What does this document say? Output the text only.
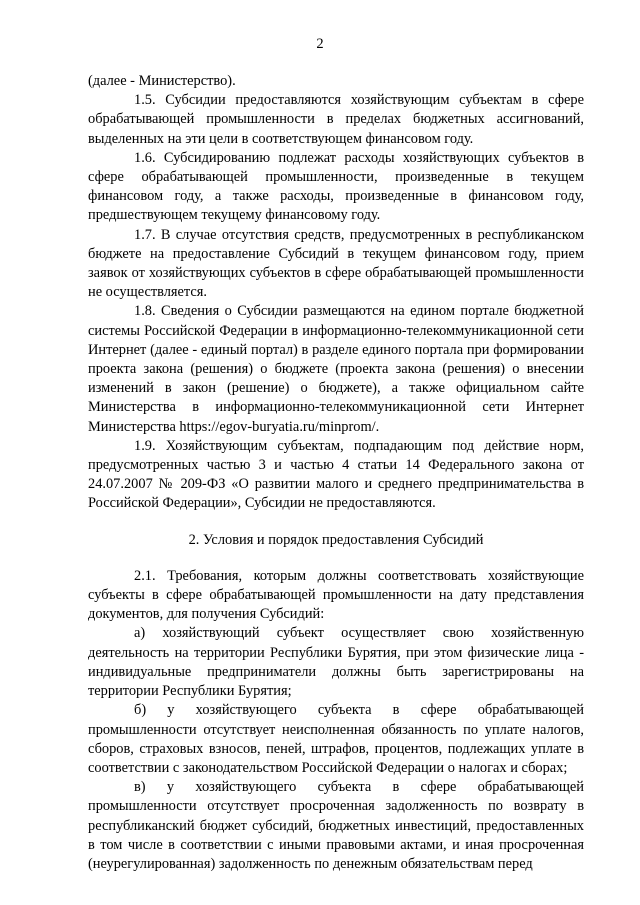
2

(далее - Министерство).

1.5. Субсидии предоставляются хозяйствующим субъектам в сфере обрабатывающей промышленности в пределах бюджетных ассигнований, выделенных на эти цели в соответствующем финансовом году.

1.6. Субсидированию подлежат расходы хозяйствующих субъектов в сфере обрабатывающей промышленности, произведенные в текущем финансовом году, а также расходы, произведенные в финансовом году, предшествующем текущему финансовому году.

1.7. В случае отсутствия средств, предусмотренных в республиканском бюджете на предоставление Субсидий в текущем финансовом году, прием заявок от хозяйствующих субъектов в сфере обрабатывающей промышленности не осуществляется.

1.8. Сведения о Субсидии размещаются на едином портале бюджетной системы Российской Федерации в информационно-телекоммуникационной сети Интернет (далее - единый портал) в разделе единого портала при формировании проекта закона (решения) о бюджете (проекта закона (решения) о внесении изменений в закон (решение) о бюджете), а также официальном сайте Министерства в информационно-телекоммуникационной сети Интернет Министерства https://egov-buryatia.ru/minprom/.

1.9. Хозяйствующим субъектам, подпадающим под действие норм, предусмотренных частью 3 и частью 4 статьи 14 Федерального закона от 24.07.2007 № 209-ФЗ «О развитии малого и среднего предпринимательства в Российской Федерации», Субсидии не предоставляются.

2. Условия и порядок предоставления Субсидий

2.1. Требования, которым должны соответствовать хозяйствующие субъекты в сфере обрабатывающей промышленности на дату представления документов, для получения Субсидий:

а) хозяйствующий субъект осуществляет свою хозяйственную деятельность на территории Республики Бурятия, при этом физические лица - индивидуальные предприниматели должны быть зарегистрированы на территории Республики Бурятия;

б) у хозяйствующего субъекта в сфере обрабатывающей промышленности отсутствует неисполненная обязанность по уплате налогов, сборов, страховых взносов, пеней, штрафов, процентов, подлежащих уплате в соответствии с законодательством Российской Федерации о налогах и сборах;

в) у хозяйствующего субъекта в сфере обрабатывающей промышленности отсутствует просроченная задолженность по возврату в республиканский бюджет субсидий, бюджетных инвестиций, предоставленных в том числе в соответствии с иными правовыми актами, и иная просроченная (неурегулированная) задолженность по денежным обязательствам перед
